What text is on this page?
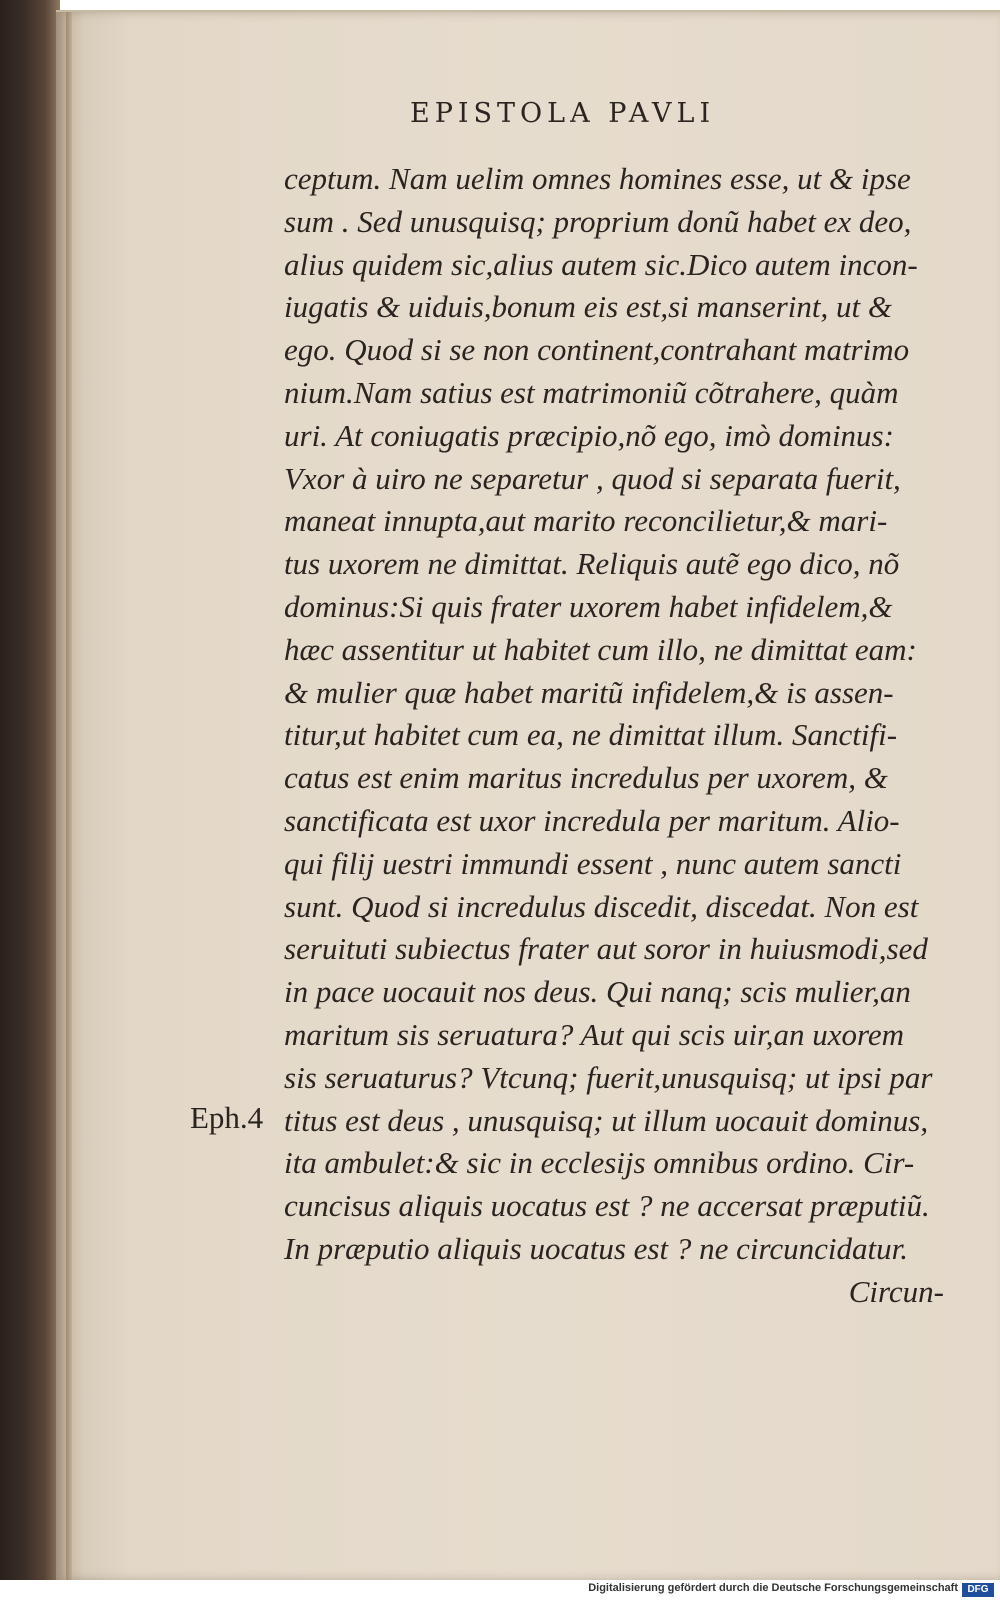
EPISTOLA PAVLI
Eph.4
ceptum. Nam uelim omnes homines esse, ut & ipse
sum . Sed unusquisq; proprium donũ habet ex deo,
alius quidem sic,alius autem sic.Dico autem incon-
iugatis & uiduis,bonum eis est,si manserint, ut &
ego. Quod si se non continent,contrahant matrimo
nium.Nam satius est matrimoniũ cõtrahere, quàm
uri. At coniugatis præcipio,nõ ego, imò dominus:
Vxor à uiro ne separetur , quod si separata fuerit,
maneat innupta,aut marito reconcilietur,& mari-
tus uxorem ne dimittat. Reliquis autẽ ego dico, nõ
dominus:Si quis frater uxorem habet infidelem,&
hæc assentitur ut habitet cum illo, ne dimittat eam:
& mulier quæ habet maritũ infidelem,& is assen-
titur,ut habitet cum ea, ne dimittat illum. Sanctifi-
catus est enim maritus incredulus per uxorem, &
sanctificata est uxor incredula per maritum. Alio-
qui filij uestri immundi essent , nunc autem sancti
sunt. Quod si incredulus discedit, discedat. Non est
seruituti subiectus frater aut soror in huiusmodi,sed
in pace uocauit nos deus. Qui nanq; scis mulier,an
maritum sis seruatura? Aut qui scis uir,an uxorem
sis seruaturus? Vtcunq; fuerit,unusquisq; ut ipsi par
titus est deus , unusquisq; ut illum uocauit dominus,
ita ambulet:& sic in ecclesijs omnibus ordino. Cir-
cuncisus aliquis uocatus est ? ne accersat præputiũ.
In præputio aliquis uocatus est ? ne circuncidatur.
Circun-
Digitalisierung gefördert durch die Deutsche Forschungsgemeinschaft DFG
